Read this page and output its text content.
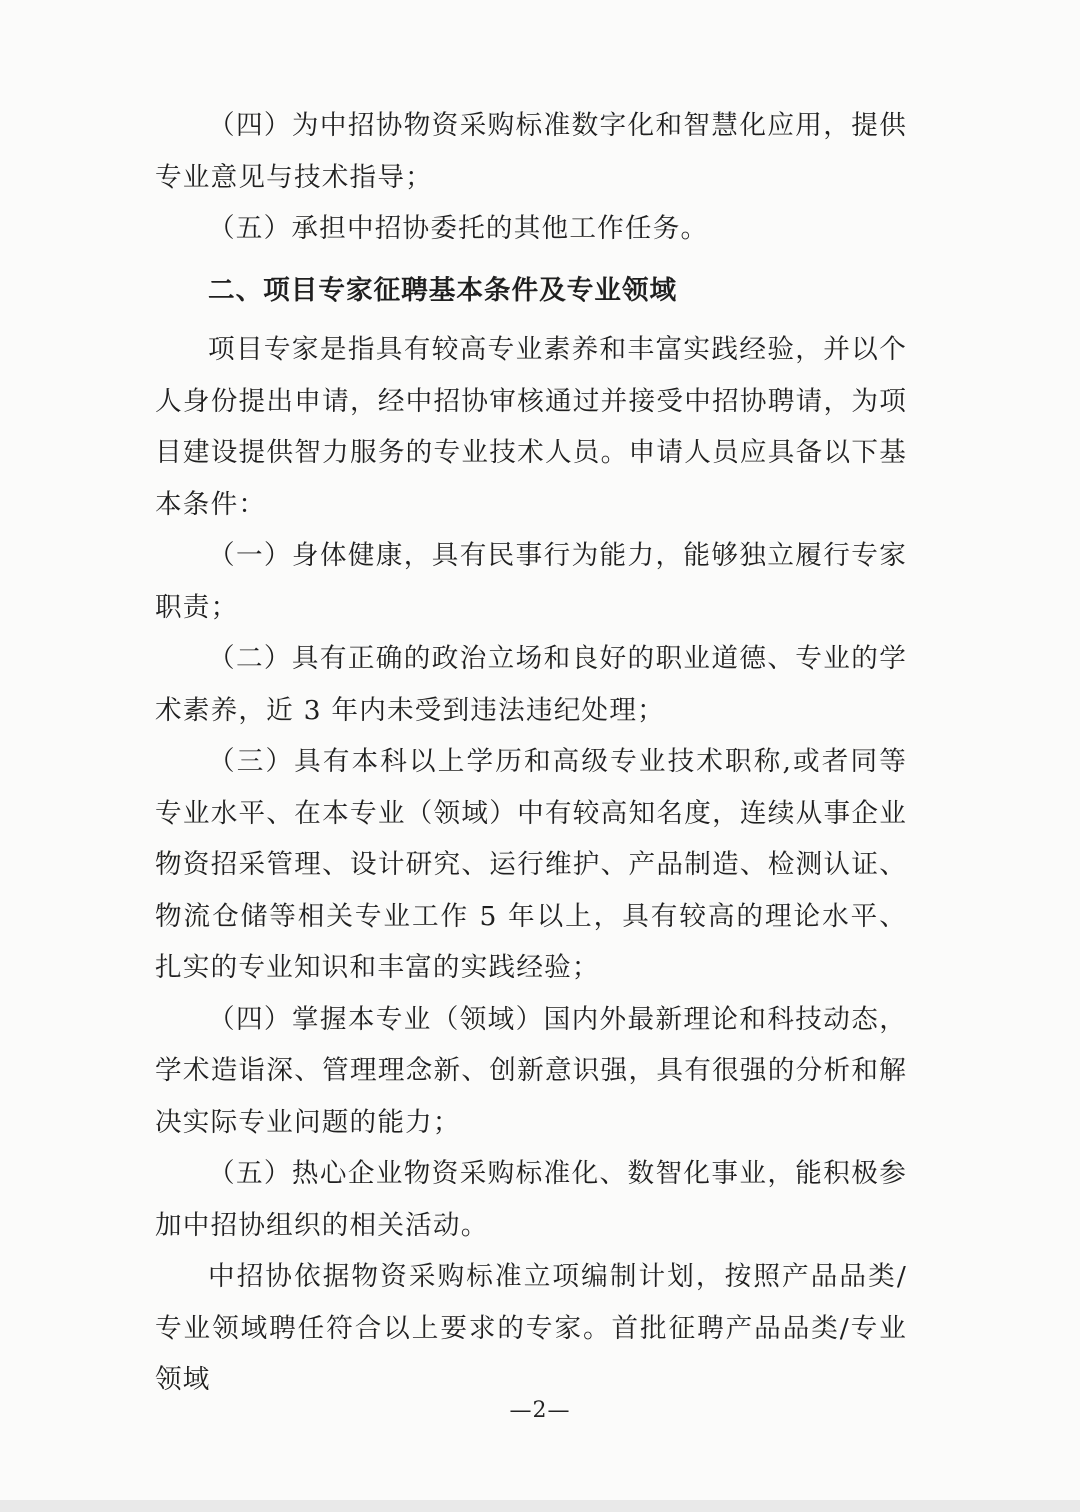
（四）为中招协物资采购标准数字化和智慧化应用，提供专业意见与技术指导；

（五）承担中招协委托的其他工作任务。

二、项目专家征聘基本条件及专业领域

项目专家是指具有较高专业素养和丰富实践经验，并以个人身份提出申请，经中招协审核通过并接受中招协聘请，为项目建设提供智力服务的专业技术人员。申请人员应具备以下基本条件：

（一）身体健康，具有民事行为能力，能够独立履行专家职责；

（二）具有正确的政治立场和良好的职业道德、专业的学术素养，近 3 年内未受到违法违纪处理；

（三）具有本科以上学历和高级专业技术职称,或者同等专业水平、在本专业（领域）中有较高知名度，连续从事企业物资招采管理、设计研究、运行维护、产品制造、检测认证、物流仓储等相关专业工作 5 年以上，具有较高的理论水平、扎实的专业知识和丰富的实践经验；

（四）掌握本专业（领域）国内外最新理论和科技动态，学术造诣深、管理理念新、创新意识强，具有很强的分析和解决实际专业问题的能力；

（五）热心企业物资采购标准化、数智化事业，能积极参加中招协组织的相关活动。

中招协依据物资采购标准立项编制计划，按照产品品类/专业领域聘任符合以上要求的专家。首批征聘产品品类/专业领域

—2—
